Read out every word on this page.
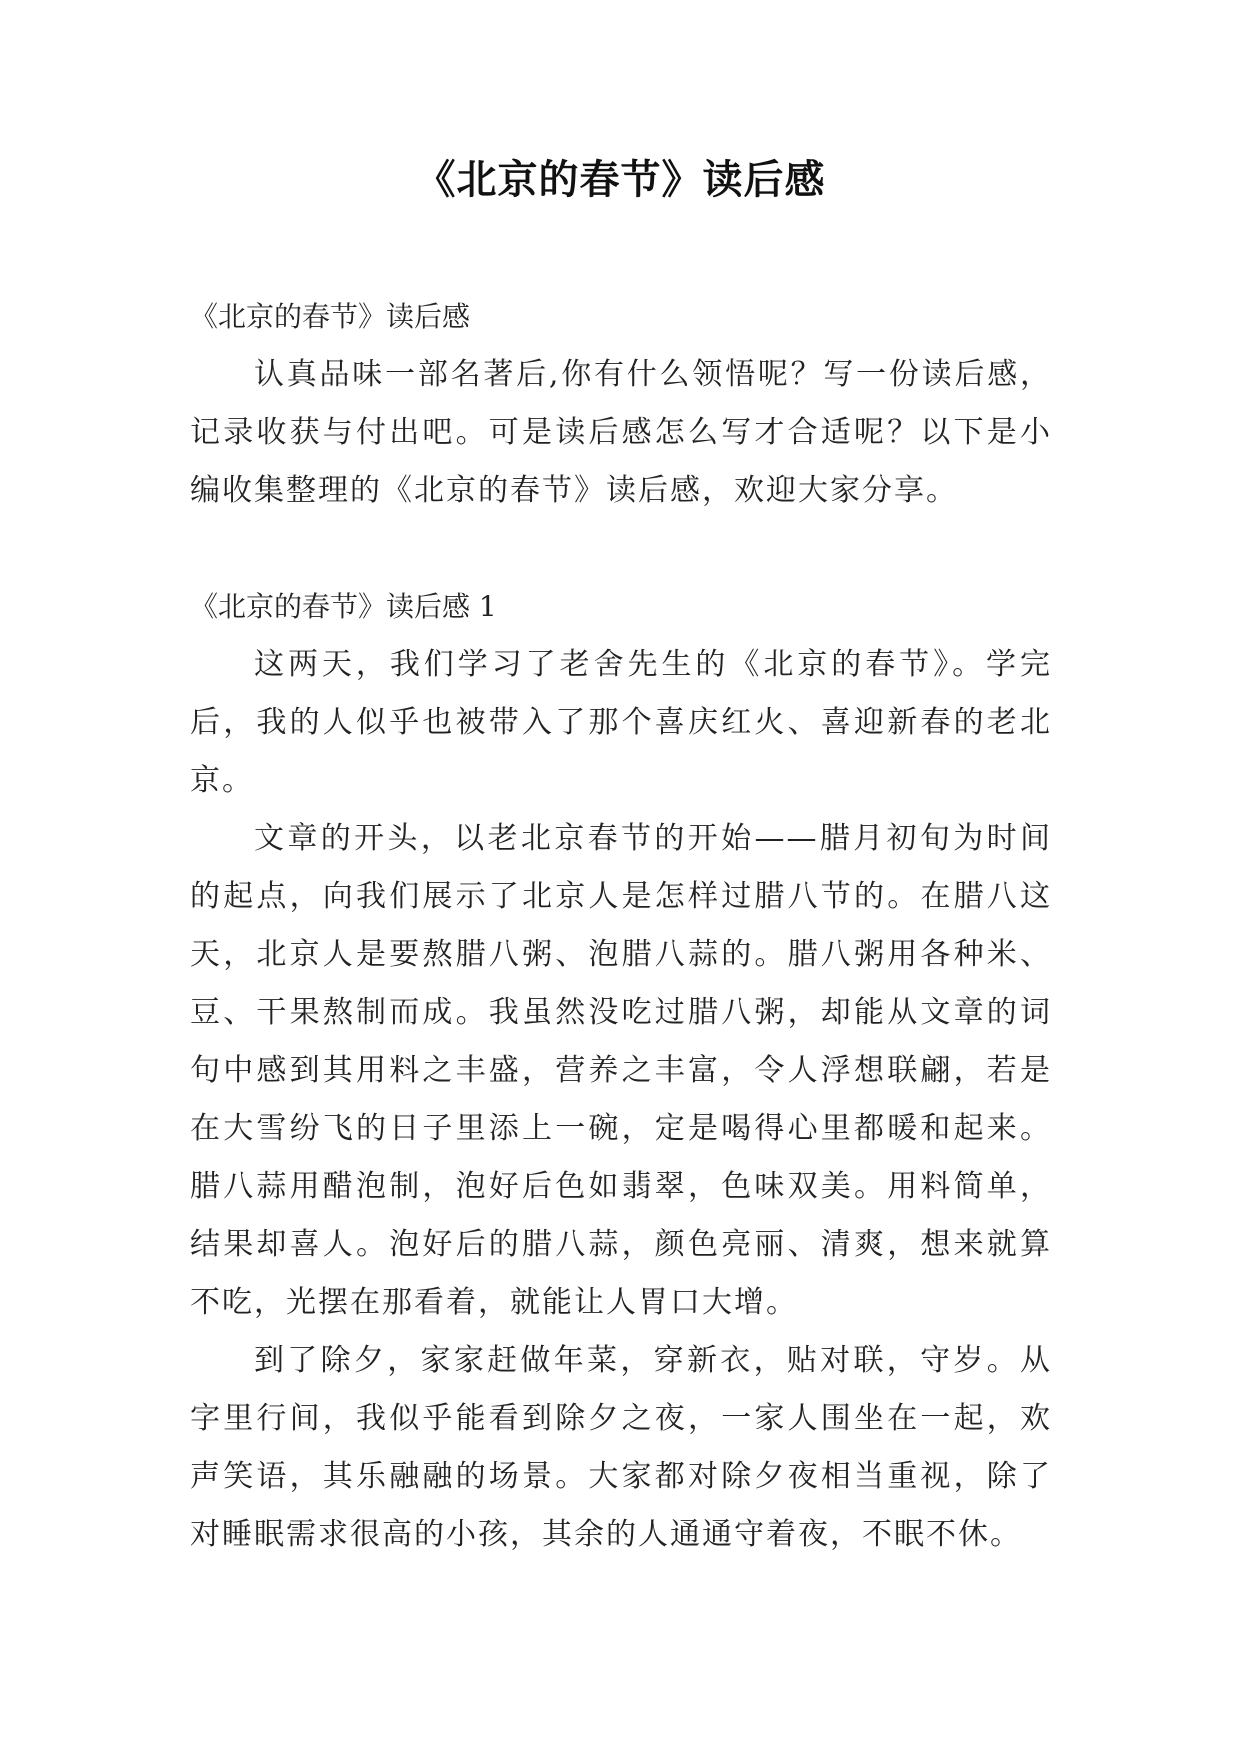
《北京的春节》读后感

《北京的春节》读后感

认真品味一部名著后,你有什么领悟呢？写一份读后感，记录收获与付出吧。可是读后感怎么写才合适呢？以下是小编收集整理的《北京的春节》读后感，欢迎大家分享。

《北京的春节》读后感 1

这两天，我们学习了老舍先生的《北京的春节》。学完后，我的人似乎也被带入了那个喜庆红火、喜迎新春的老北京。

文章的开头，以老北京春节的开始——腊月初旬为时间的起点，向我们展示了北京人是怎样过腊八节的。在腊八这天，北京人是要熬腊八粥、泡腊八蒜的。腊八粥用各种米、豆、干果熬制而成。我虽然没吃过腊八粥，却能从文章的词句中感到其用料之丰盛，营养之丰富，令人浮想联翩，若是在大雪纷飞的日子里添上一碗，定是喝得心里都暖和起来。腊八蒜用醋泡制，泡好后色如翡翠，色味双美。用料简单，结果却喜人。泡好后的腊八蒜，颜色亮丽、清爽，想来就算不吃，光摆在那看着，就能让人胃口大增。

到了除夕，家家赶做年菜，穿新衣，贴对联，守岁。从字里行间，我似乎能看到除夕之夜，一家人围坐在一起，欢声笑语，其乐融融的场景。大家都对除夕夜相当重视，除了对睡眠需求很高的小孩，其余的人通通守着夜，不眠不休。
